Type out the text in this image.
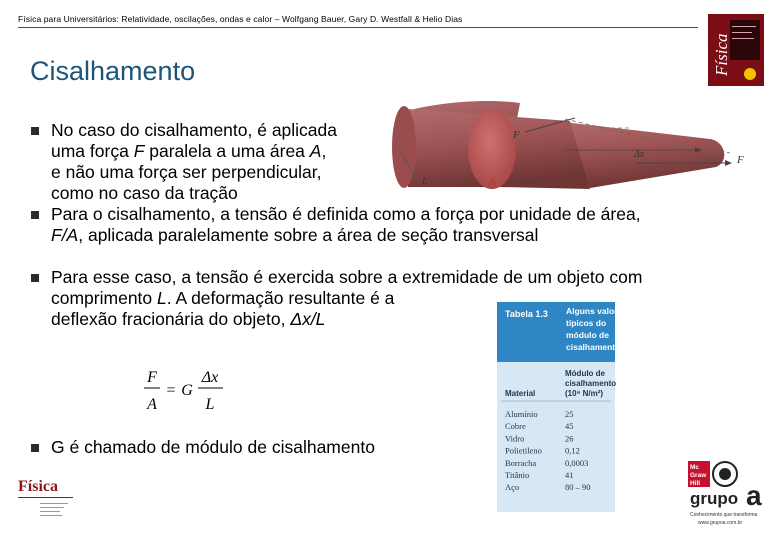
Física para Universitários: Relatividade, oscilações, ondas e calor – Wolfgang Bauer, Gary D. Westfall & Helio Dias
Física
Cisalhamento
No caso do cisalhamento, é aplicada
uma força F paralela a uma área A,
e não uma força ser perpendicular,
como no caso da tração
Para o cisalhamento, a tensão é definida como a força por unidade de área,
F/A, aplicada paralelamente sobre a área de seção transversal
Para esse caso, a tensão é exercida sobre a extremidade de um objeto com
comprimento L. A deformação resultante é a
deflexão fracionária do objeto, Δx/L
G é chamado de módulo de cisalhamento
F
F
Δx
A
L
F
A
= G
Δx
L
Tabela 1.3 Alguns valores
típicos do
módulo de
cisalhamento
Módulo de
cisalhamento
(10⁹ N/m²)
Material
Alumínio	25
Cobre	45
Vidro	26
Polietileno	0,12
Borracha	0,0003
Titânio	41
Aço	80 – 90
Física
Mc
Graw
Hill
grupo a
Conhecimento que transforma
www.grupoa.com.br
